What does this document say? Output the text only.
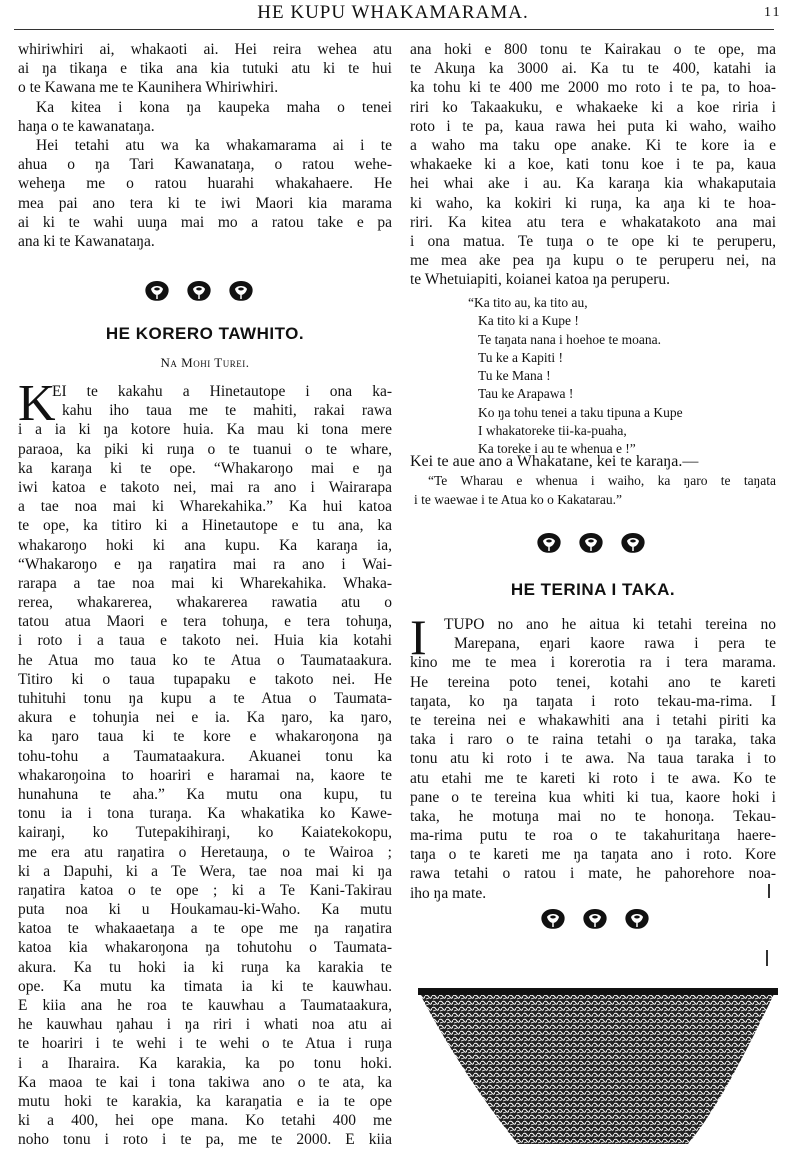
HE KUPU WHAKAMARAMA.	11
whiriwhiri ai, whakaoti ai. Hei reira wehea atu
ai ŋa tikaŋa e tika ana kia tutuki atu ki te hui
o te Kawana me te Kaunihera Whiriwhiri.
Ka kitea i kona ŋa kaupeka maha o tenei
haŋa o te kawanataŋa.
Hei tetahi atu wa ka whakamarama ai i te
ahua o ŋa Tari Kawanataŋa, o ratou wehe-
weheŋa me o ratou huarahi whakahaere. He
mea pai ano tera ki te iwi Maori kia marama
ai ki te wahi uuŋa mai mo a ratou take e pa
ana ki te Kawanataŋa.
HE KORERO TAWHITO.
Na Mohi Turei.
K
EI te kakahu a Hinetautope i ona ka-
kahu iho taua me te mahiti, rakai rawa
i a ia ki ŋa kotore huia. Ka mau ki tona mere
paraoa, ka piki ki ruŋa o te tuanui o te whare,
ka karaŋa ki te ope. “Whakaroŋo mai e ŋa
iwi katoa e takoto nei, mai ra ano i Wairarapa
a tae noa mai ki Wharekahika.” Ka hui katoa
te ope, ka titiro ki a Hinetautope e tu ana, ka
whakaroŋo hoki ki ana kupu. Ka karaŋa ia,
“Whakaroŋo e ŋa raŋatira mai ra ano i Wai-
rarapa a tae noa mai ki Wharekahika. Whaka-
rerea, whakarerea, whakarerea rawatia atu o
tatou atua Maori e tera tohuŋa, e tera tohuŋa,
i roto i a taua e takoto nei. Huia kia kotahi
he Atua mo taua ko te Atua o Taumataakura.
Titiro ki o taua tupapaku e takoto nei. He
tuhituhi tonu ŋa kupu a te Atua o Taumata-
akura e tohuŋia nei e ia. Ka ŋaro, ka ŋaro,
ka ŋaro taua ki te kore e whakaroŋona ŋa
tohu-tohu a Taumataakura. Akuanei tonu ka
whakaroŋoina to hoariri e haramai na, kaore te
hunahuna te aha.” Ka mutu ona kupu, tu
tonu ia i tona turaŋa. Ka whakatika ko Kawe-
kairaŋi, ko Tutepakihiraŋi, ko Kaiatekokopu,
me era atu raŋatira o Heretauŋa, o te Wairoa ;
ki a Ŋapuhi, ki a Te Wera, tae noa mai ki ŋa
raŋatira katoa o te ope ; ki a Te Kani-Takirau
puta noa ki u Houkamau-ki-Waho. Ka mutu
katoa te whakaaetaŋa a te ope me ŋa raŋatira
katoa kia whakaroŋona ŋa tohutohu o Taumata-
akura. Ka tu hoki ia ki ruŋa ka karakia te
ope. Ka mutu ka timata ia ki te kauwhau.
E kiia ana he roa te kauwhau a Taumataakura,
he kauwhau ŋahau i ŋa riri i whati noa atu ai
te hoariri i te wehi i te wehi o te Atua i ruŋa
i a Iharaira. Ka karakia, ka po tonu hoki.
Ka maoa te kai i tona takiwa ano o te ata, ka
mutu hoki te karakia, ka karaŋatia e ia te ope
ki a 400, hei ope mana. Ko tetahi 400 me
noho tonu i roto i te pa, me te 2000. E kiia
ana hoki e 800 tonu te Kairakau o te ope, ma
te Akuŋa ka 3000 ai. Ka tu te 400, katahi ia
ka tohu ki te 400 me 2000 mo roto i te pa, to hoa-
riri ko Takaakuku, e whakaeke ki a koe riria i
roto i te pa, kaua rawa hei puta ki waho, waiho
a waho ma taku ope anake. Ki te kore ia e
whakaeke ki a koe, kati tonu koe i te pa, kaua
hei whai ake i au. Ka karaŋa kia whakaputaia
ki waho, ka kokiri ki ruŋa, ka aŋa ki te hoa-
riri. Ka kitea atu tera e whakatakoto ana mai
i ona matua. Te tuŋa o te ope ki te peruperu,
me mea ake pea ŋa kupu o te peruperu nei, na
te Whetuiapiti, koianei katoa ŋa peruperu.
“Ka tito au, ka tito au,
Ka tito ki a Kupe !
Te taŋata nana i hoehoe te moana.
Tu ke a Kapiti !
Tu ke Mana !
Tau ke Arapawa !
Ko ŋa tohu tenei a taku tipuna a Kupe
I whakatoreke tii-ka-puaha,
Ka toreke i au te whenua e !”
Kei te aue ano a Whakatane, kei te karaŋa.—
“Te Wharau e whenua i waiho, ka ŋaro te taŋata
i te waewae i te Atua ko o Kakatarau.”
HE TERINA I TAKA.
I	TUPO no ano he aitua ki tetahi tereina no
Marepana, eŋari kaore rawa i pera te
kino me te mea i korerotia ra i tera marama.
He tereina poto tenei, kotahi ano te kareti
taŋata, ko ŋa taŋata i roto tekau-ma-rima. I
te tereina nei e whakawhiti ana i tetahi piriti ka
taka i raro o te raina tetahi o ŋa taraka, taka
tonu atu ki roto i te awa. Na taua taraka i to
atu etahi me te kareti ki roto i te awa. Ko te
pane o te tereina kua whiti ki tua, kaore hoki i
taka, he motuŋa mai no te honoŋa. Tekau-
ma-rima putu te roa o te takahuritaŋa haere-
taŋa o te kareti me ŋa taŋata ano i roto. Kore
rawa tetahi o ratou i mate, he pahorehore noa-
iho ŋa mate.
